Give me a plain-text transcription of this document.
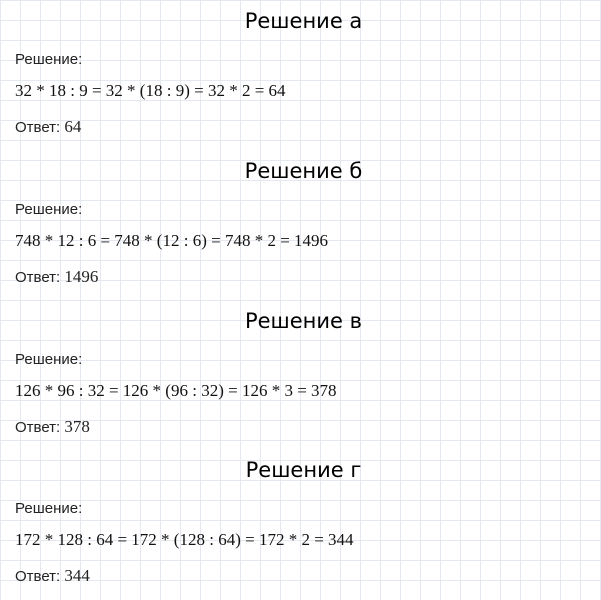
Решение а

Решение:

32 * 18 : 9 = 32 * (18 : 9) = 32 * 2 = 64

Ответ: 64

Решение б

Решение:

748 * 12 : 6 = 748 * (12 : 6) = 748 * 2 = 1496

Ответ: 1496

Решение в

Решение:

126 * 96 : 32 = 126 * (96 : 32) = 126 * 3 = 378

Ответ: 378

Решение г

Решение:

172 * 128 : 64 = 172 * (128 : 64) = 172 * 2 = 344

Ответ: 344
